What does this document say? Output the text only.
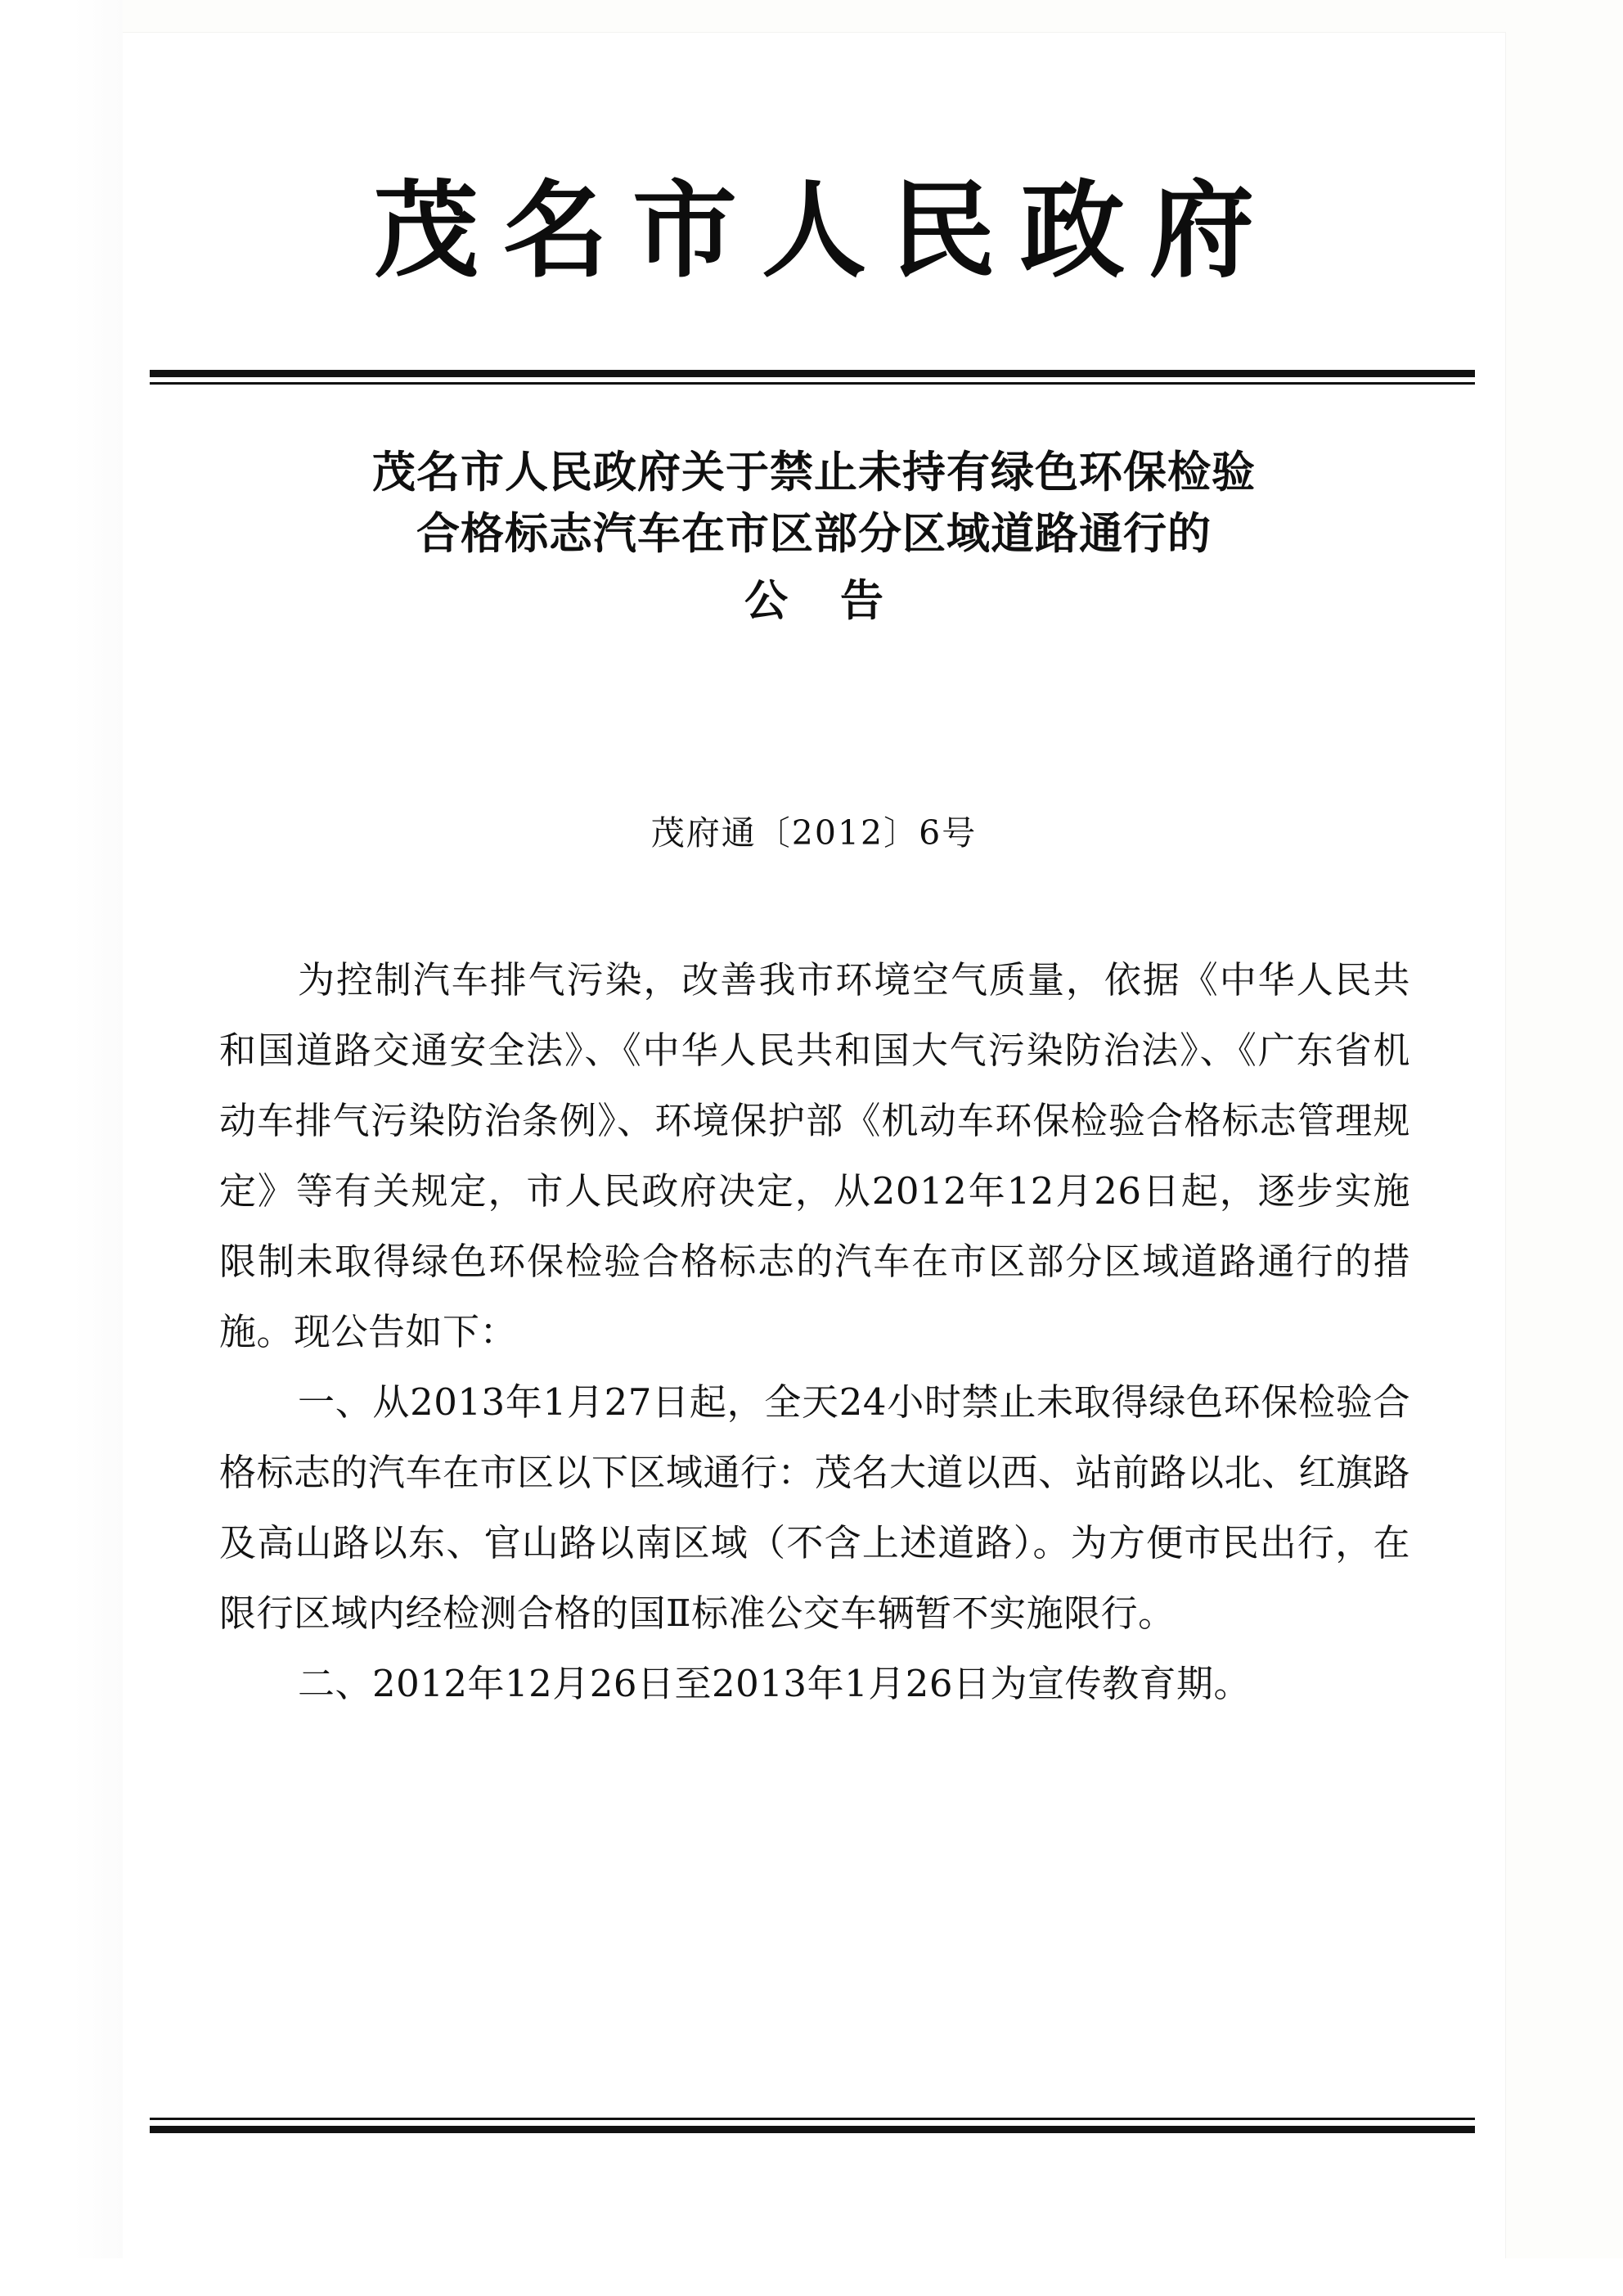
茂名市人民政府
茂名市人民政府关于禁止未持有绿色环保检验
合格标志汽车在市区部分区域道路通行的
公告
茂府通〔2012〕6号

为控制汽车排气污染，改善我市环境空气质量，依据《中华人民共和国道路交通安全法》、《中华人民共和国大气污染防治法》、《广东省机动车排气污染防治条例》、环境保护部《机动车环保检验合格标志管理规定》等有关规定，市人民政府决定，从2012年12月26日起，逐步实施限制未取得绿色环保检验合格标志的汽车在市区部分区域道路通行的措施。现公告如下：

一、从2013年1月27日起，全天24小时禁止未取得绿色环保检验合格标志的汽车在市区以下区域通行：茂名大道以西、站前路以北、红旗路及高山路以东、官山路以南区域（不含上述道路）。为方便市民出行，在限行区域内经检测合格的国Ⅱ标准公交车辆暂不实施限行。

二、2012年12月26日至2013年1月26日为宣传教育期。
